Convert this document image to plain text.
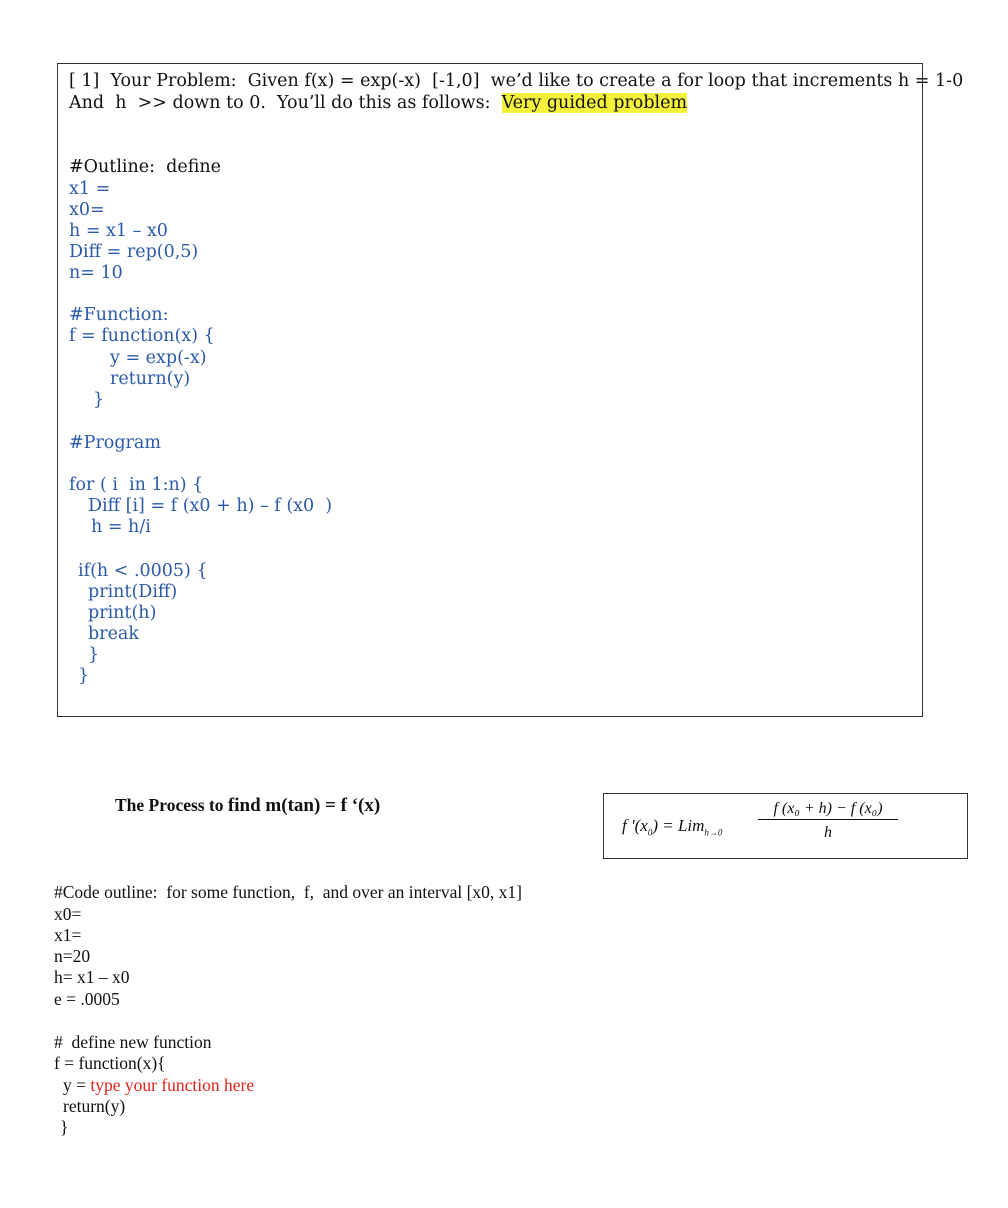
[ 1]  Your Problem:  Given f(x) = exp(-x)  [-1,0]  we’d like to create a for loop that increments h = 1-0
And  h  >> down to 0.  You’ll do this as follows:  Very guided problem
#Outline:  define
x1 =
x0=
h = x1 – x0
Diff = rep(0,5)
n= 10
#Function:
f = function(x) {
y = exp(-x)
return(y)
}
#Program
for ( i  in 1:n) {
Diff [i] = f (x0 + h) – f (x0  )
h = h/i
if(h < .0005) {
print(Diff)
print(h)
break
}
}
The Process to find m(tan) = f ‘(x)
f '$(x_0) = Lim_{h\to 0} \frac{\text{f (x₀ + h) − f (x₀)}}{h}$
#Code outline:  for some function,  f,  and over an interval [x0, x1]
x0=
x1=
n=20
h= x1 – x0
e = .0005
#  define new function
f = function(x){
y = type your function here
return(y)
}
